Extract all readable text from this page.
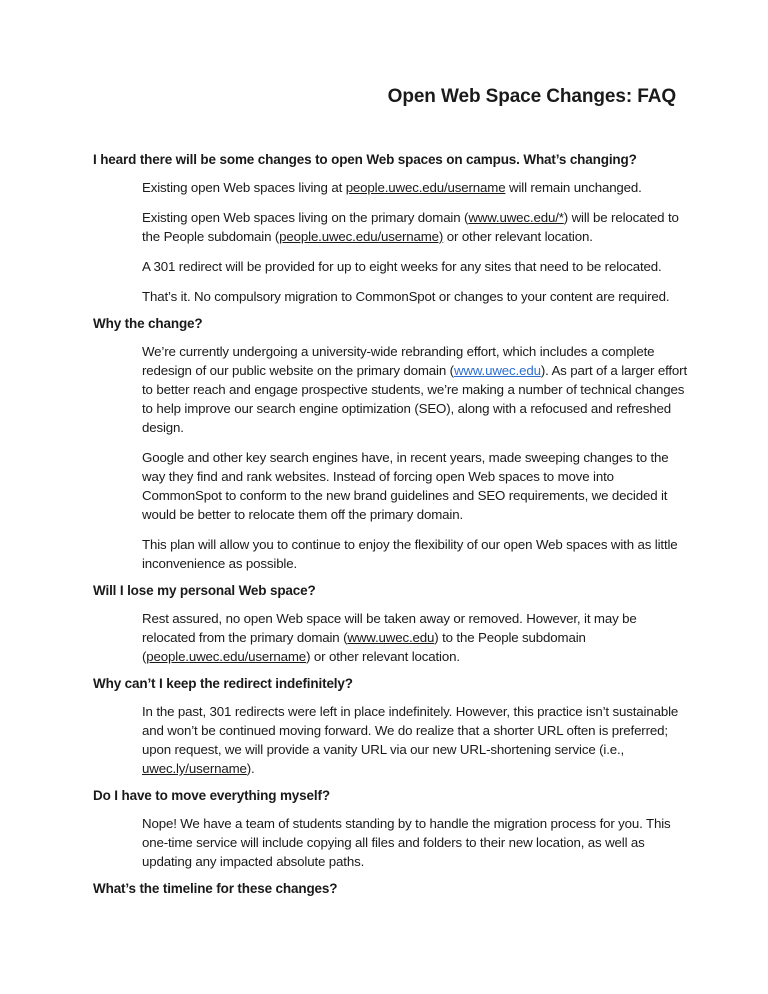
Open Web Space Changes: FAQ

I heard there will be some changes to open Web spaces on campus. What’s changing?

Existing open Web spaces living at people.uwec.edu/username will remain unchanged.

Existing open Web spaces living on the primary domain (www.uwec.edu/*) will be relocated to the People subdomain (people.uwec.edu/username) or other relevant location.

A 301 redirect will be provided for up to eight weeks for any sites that need to be relocated.

That’s it. No compulsory migration to CommonSpot or changes to your content are required.

Why the change?

We’re currently undergoing a university-wide rebranding effort, which includes a complete redesign of our public website on the primary domain (www.uwec.edu). As part of a larger effort to better reach and engage prospective students, we’re making a number of technical changes to help improve our search engine optimization (SEO), along with a refocused and refreshed design.

Google and other key search engines have, in recent years, made sweeping changes to the way they find and rank websites. Instead of forcing open Web spaces to move into CommonSpot to conform to the new brand guidelines and SEO requirements, we decided it would be better to relocate them off the primary domain.

This plan will allow you to continue to enjoy the flexibility of our open Web spaces with as little inconvenience as possible.

Will I lose my personal Web space?

Rest assured, no open Web space will be taken away or removed. However, it may be relocated from the primary domain (www.uwec.edu) to the People subdomain (people.uwec.edu/username) or other relevant location.

Why can’t I keep the redirect indefinitely?

In the past, 301 redirects were left in place indefinitely. However, this practice isn’t sustainable and won’t be continued moving forward. We do realize that a shorter URL often is preferred; upon request, we will provide a vanity URL via our new URL-shortening service (i.e., uwec.ly/username).

Do I have to move everything myself?

Nope! We have a team of students standing by to handle the migration process for you. This one-time service will include copying all files and folders to their new location, as well as updating any impacted absolute paths.

What’s the timeline for these changes?
